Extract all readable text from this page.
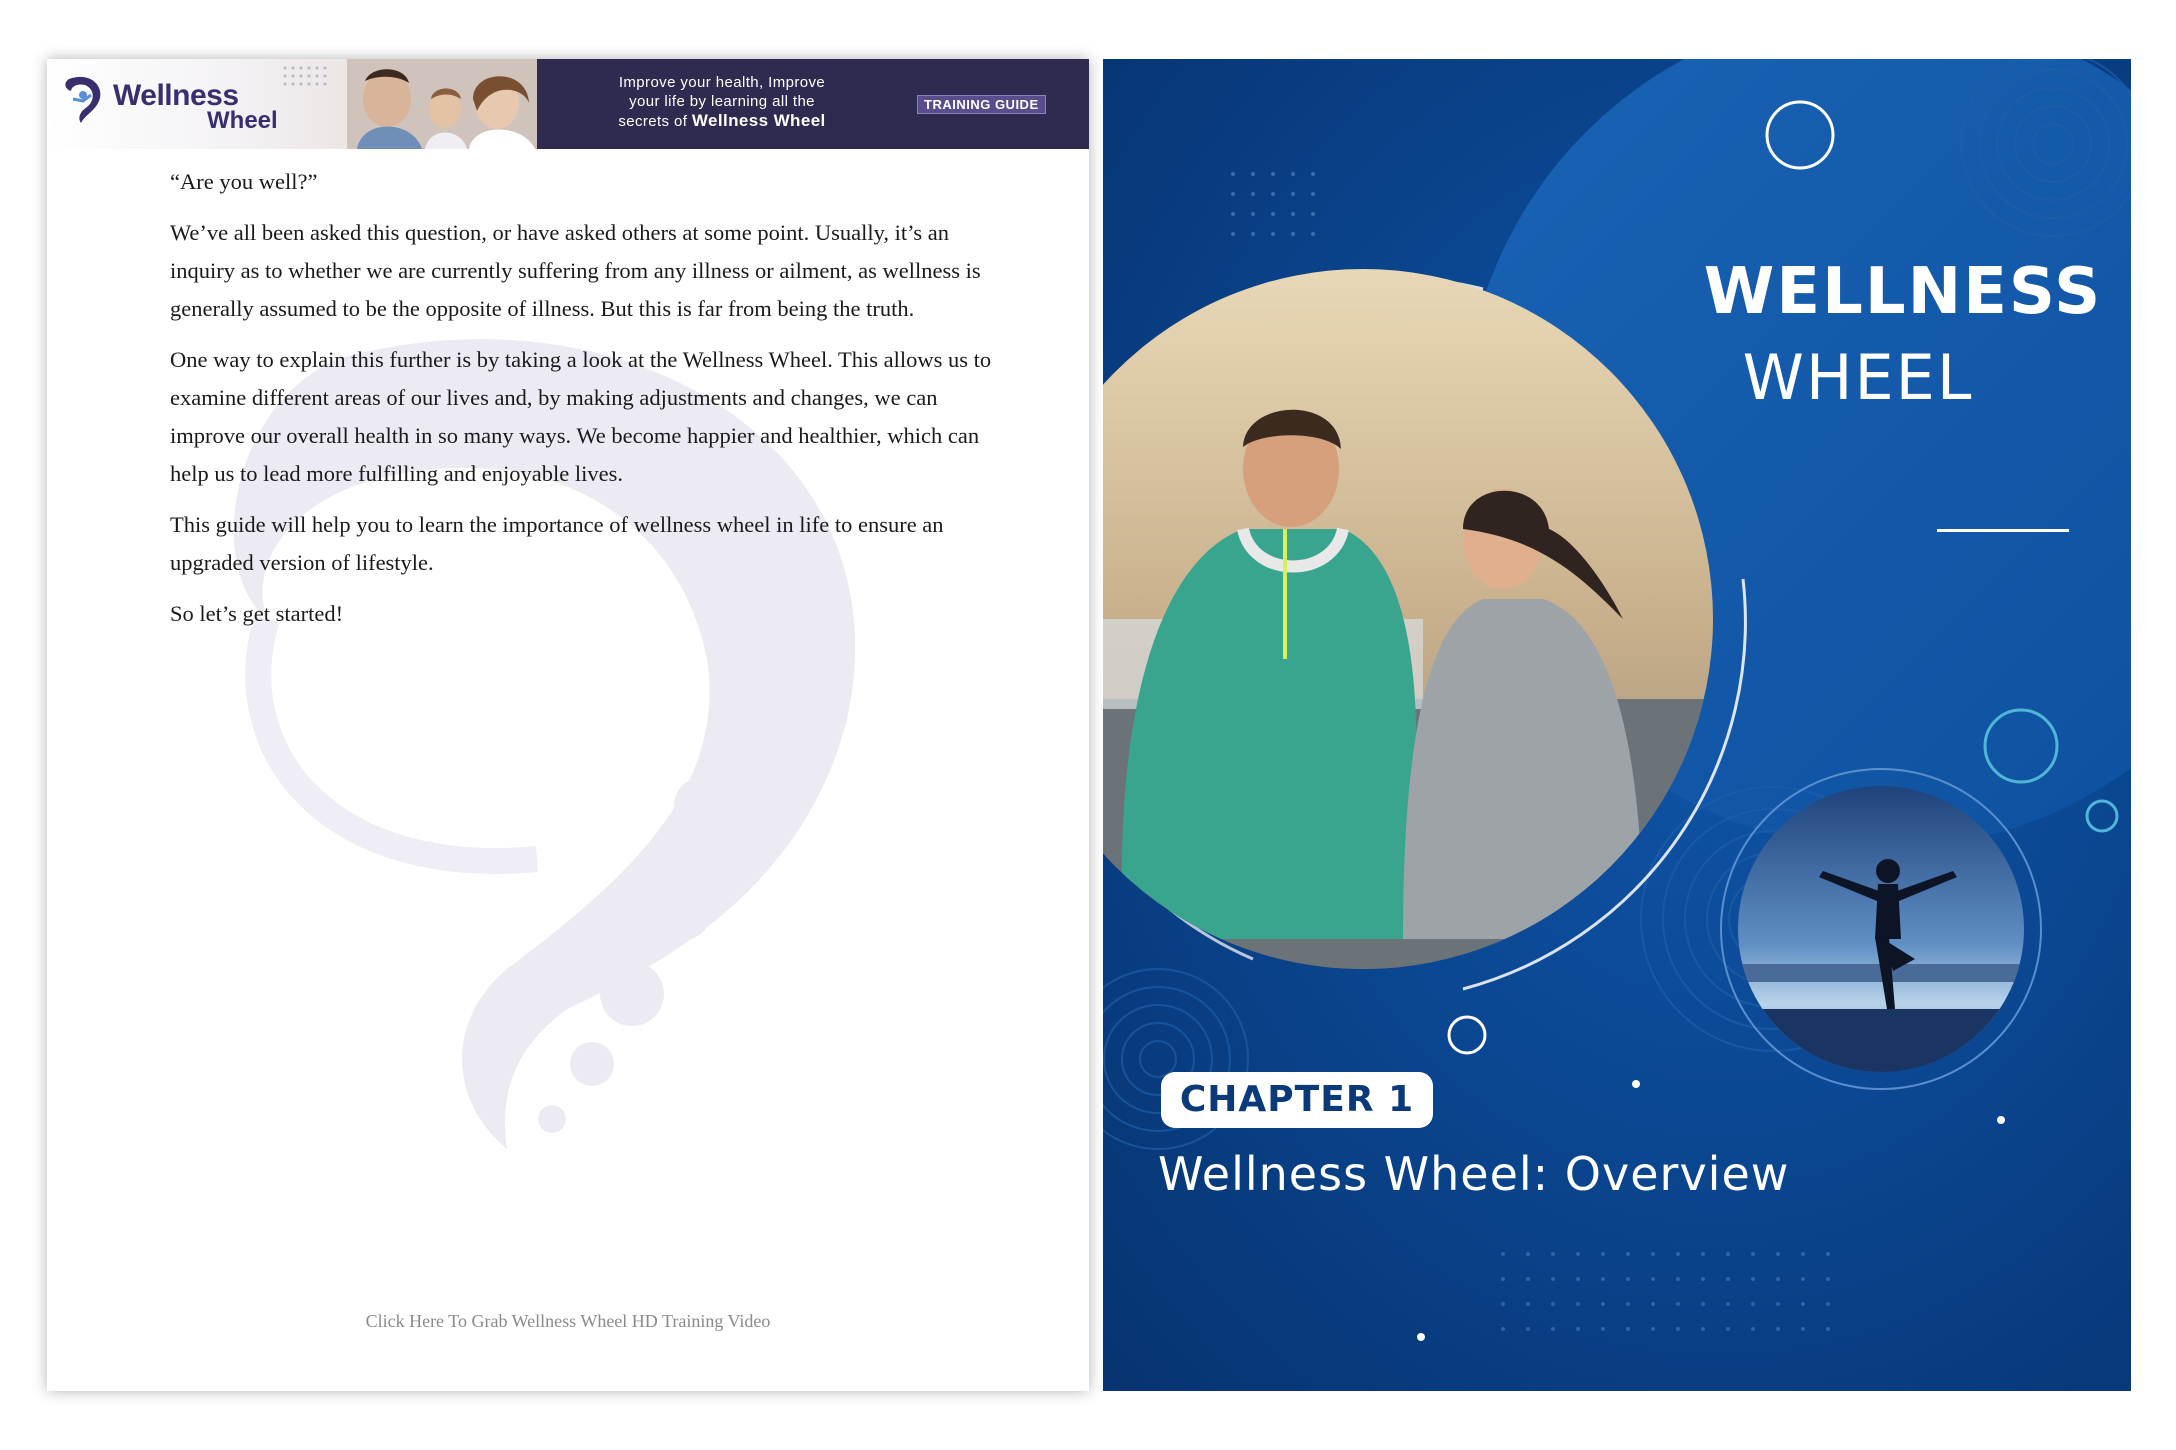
Wellness
Wheel
Improve your health, Improve
your life by learning all the
secrets of Wellness Wheel
TRAINING GUIDE

“Are you well?”

We’ve all been asked this question, or have asked others at some point. Usually, it’s an inquiry as to whether we are currently suffering from any illness or ailment, as wellness is generally assumed to be the opposite of illness. But this is far from being the truth.

One way to explain this further is by taking a look at the Wellness Wheel. This allows us to examine different areas of our lives and, by making adjustments and changes, we can improve our overall health in so many ways. We become happier and healthier, which can help us to lead more fulfilling and enjoyable lives.

This guide will help you to learn the importance of wellness wheel in life to ensure an upgraded version of lifestyle.

So let’s get started!

Click Here To Grab Wellness Wheel HD Training Video
WELLNESS
WHEEL
CHAPTER 1
Wellness Wheel: Overview
